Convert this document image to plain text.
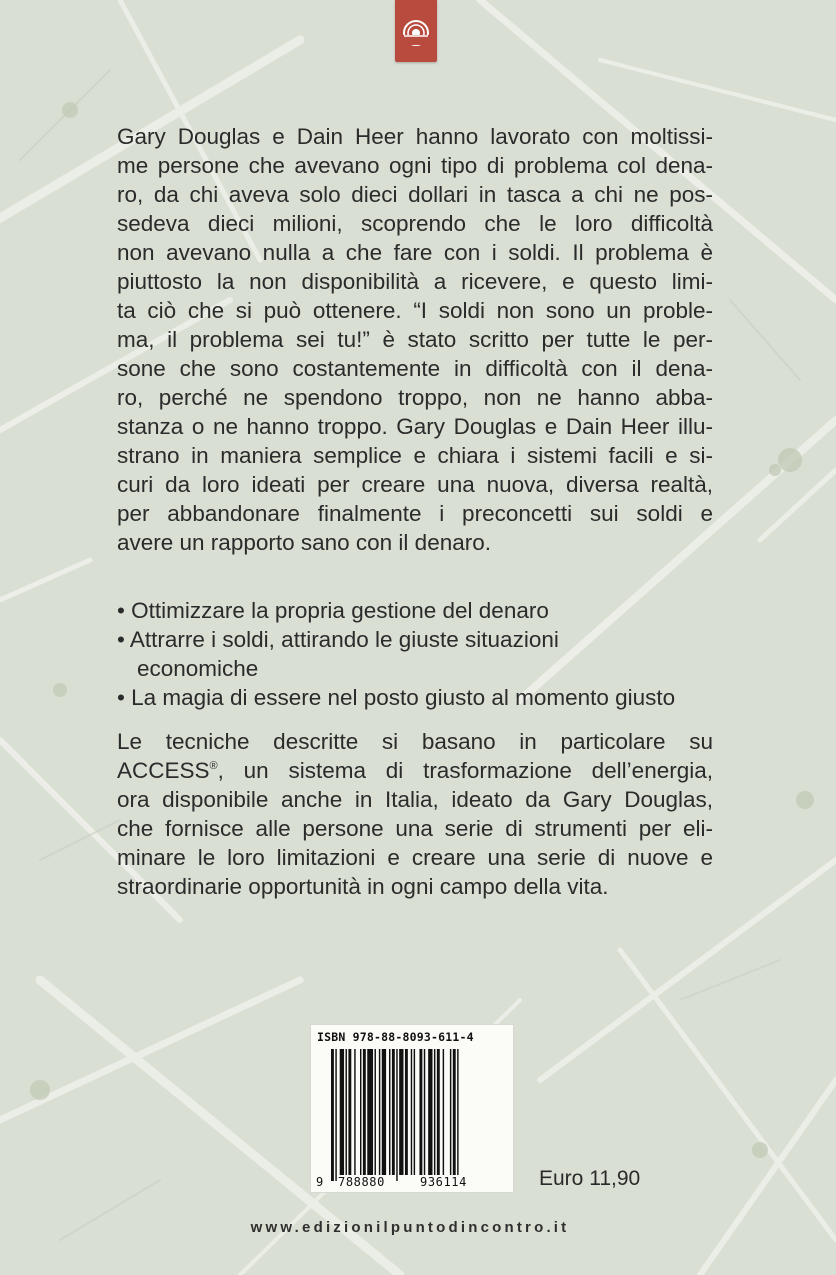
Gary Douglas e Dain Heer hanno lavorato con moltissi-
me persone che avevano ogni tipo di problema col dena-
ro, da chi aveva solo dieci dollari in tasca a chi ne pos-
sedeva dieci milioni, scoprendo che le loro difficoltà
non avevano nulla a che fare con i soldi. Il problema è
piuttosto la non disponibilità a ricevere, e questo limi-
ta ciò che si può ottenere. “I soldi non sono un proble-
ma, il problema sei tu!” è stato scritto per tutte le per-
sone che sono costantemente in difficoltà con il dena-
ro, perché ne spendono troppo, non ne hanno abba-
stanza o ne hanno troppo. Gary Douglas e Dain Heer illu-
strano in maniera semplice e chiara i sistemi facili e si-
curi da loro ideati per creare una nuova, diversa realtà,
per abbandonare finalmente i preconcetti sui soldi e
avere un rapporto sano con il denaro.
• Ottimizzare la propria gestione del denaro
• Attrarre i soldi, attirando le giuste situazioni
economiche
• La magia di essere nel posto giusto al momento giusto
Le tecniche descritte si basano in particolare su
ACCESS®, un sistema di trasformazione dell’energia,
ora disponibile anche in Italia, ideato da Gary Douglas,
che fornisce alle persone una serie di strumenti per eli-
minare le loro limitazioni e creare una serie di nuove e
straordinarie opportunità in ogni campo della vita.
ISBN 978-88-8093-611-4
9 788880	936114	Euro 11,90
www.edizionilpuntodincontro.it
